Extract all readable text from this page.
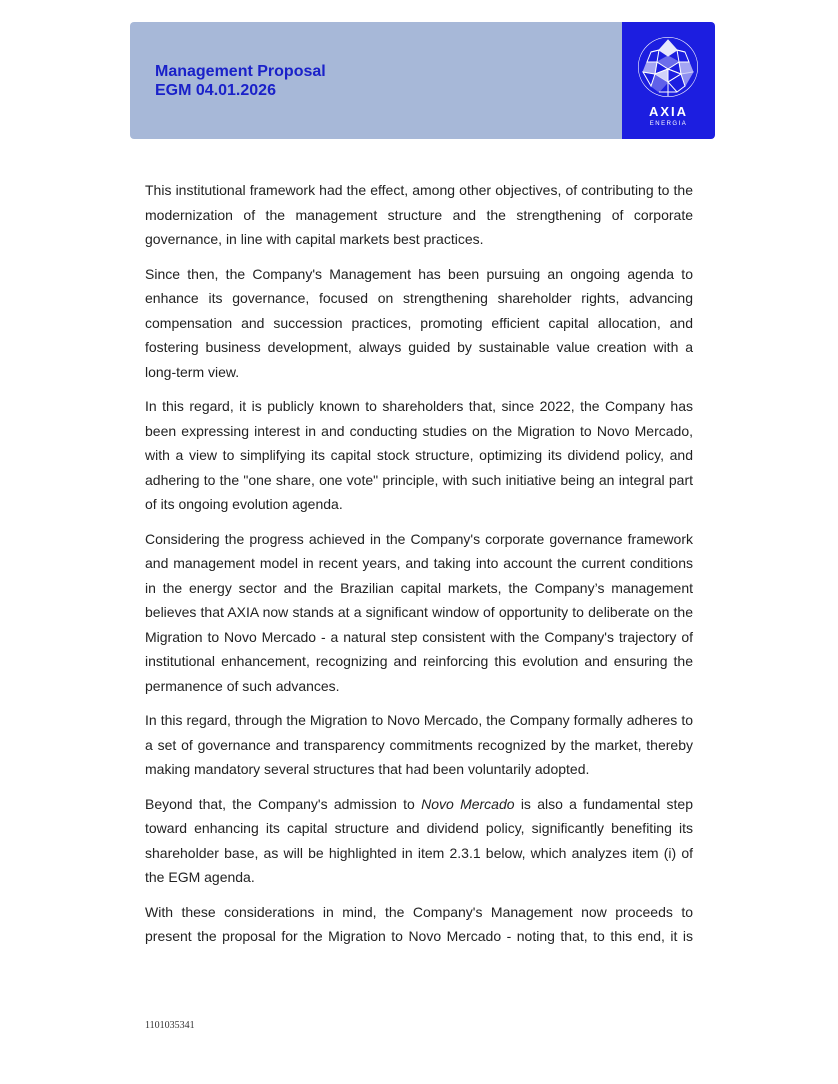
Management Proposal
EGM 04.01.2026
AXIA
ENERGIA

This institutional framework had the effect, among other objectives, of contributing to the modernization of the management structure and the strengthening of corporate governance, in line with capital markets best practices.

Since then, the Company's Management has been pursuing an ongoing agenda to enhance its governance, focused on strengthening shareholder rights, advancing compensation and succession practices, promoting efficient capital allocation, and fostering business development, always guided by sustainable value creation with a long-term view.

In this regard, it is publicly known to shareholders that, since 2022, the Company has been expressing interest in and conducting studies on the Migration to Novo Mercado, with a view to simplifying its capital stock structure, optimizing its dividend policy, and adhering to the "one share, one vote" principle, with such initiative being an integral part of its ongoing evolution agenda.

Considering the progress achieved in the Company's corporate governance framework and management model in recent years, and taking into account the current conditions in the energy sector and the Brazilian capital markets, the Company’s management believes that AXIA now stands at a significant window of opportunity to deliberate on the Migration to Novo Mercado - a natural step consistent with the Company's trajectory of institutional enhancement, recognizing and reinforcing this evolution and ensuring the permanence of such advances.

In this regard, through the Migration to Novo Mercado, the Company formally adheres to a set of governance and transparency commitments recognized by the market, thereby making mandatory several structures that had been voluntarily adopted.

Beyond that, the Company's admission to Novo Mercado is also a fundamental step toward enhancing its capital structure and dividend policy, significantly benefiting its shareholder base, as will be highlighted in item 2.3.1 below, which analyzes item (i) of the EGM agenda.

With these considerations in mind, the Company's Management now proceeds to present the proposal for the Migration to Novo Mercado - noting that, to this end, it is

1101035341
